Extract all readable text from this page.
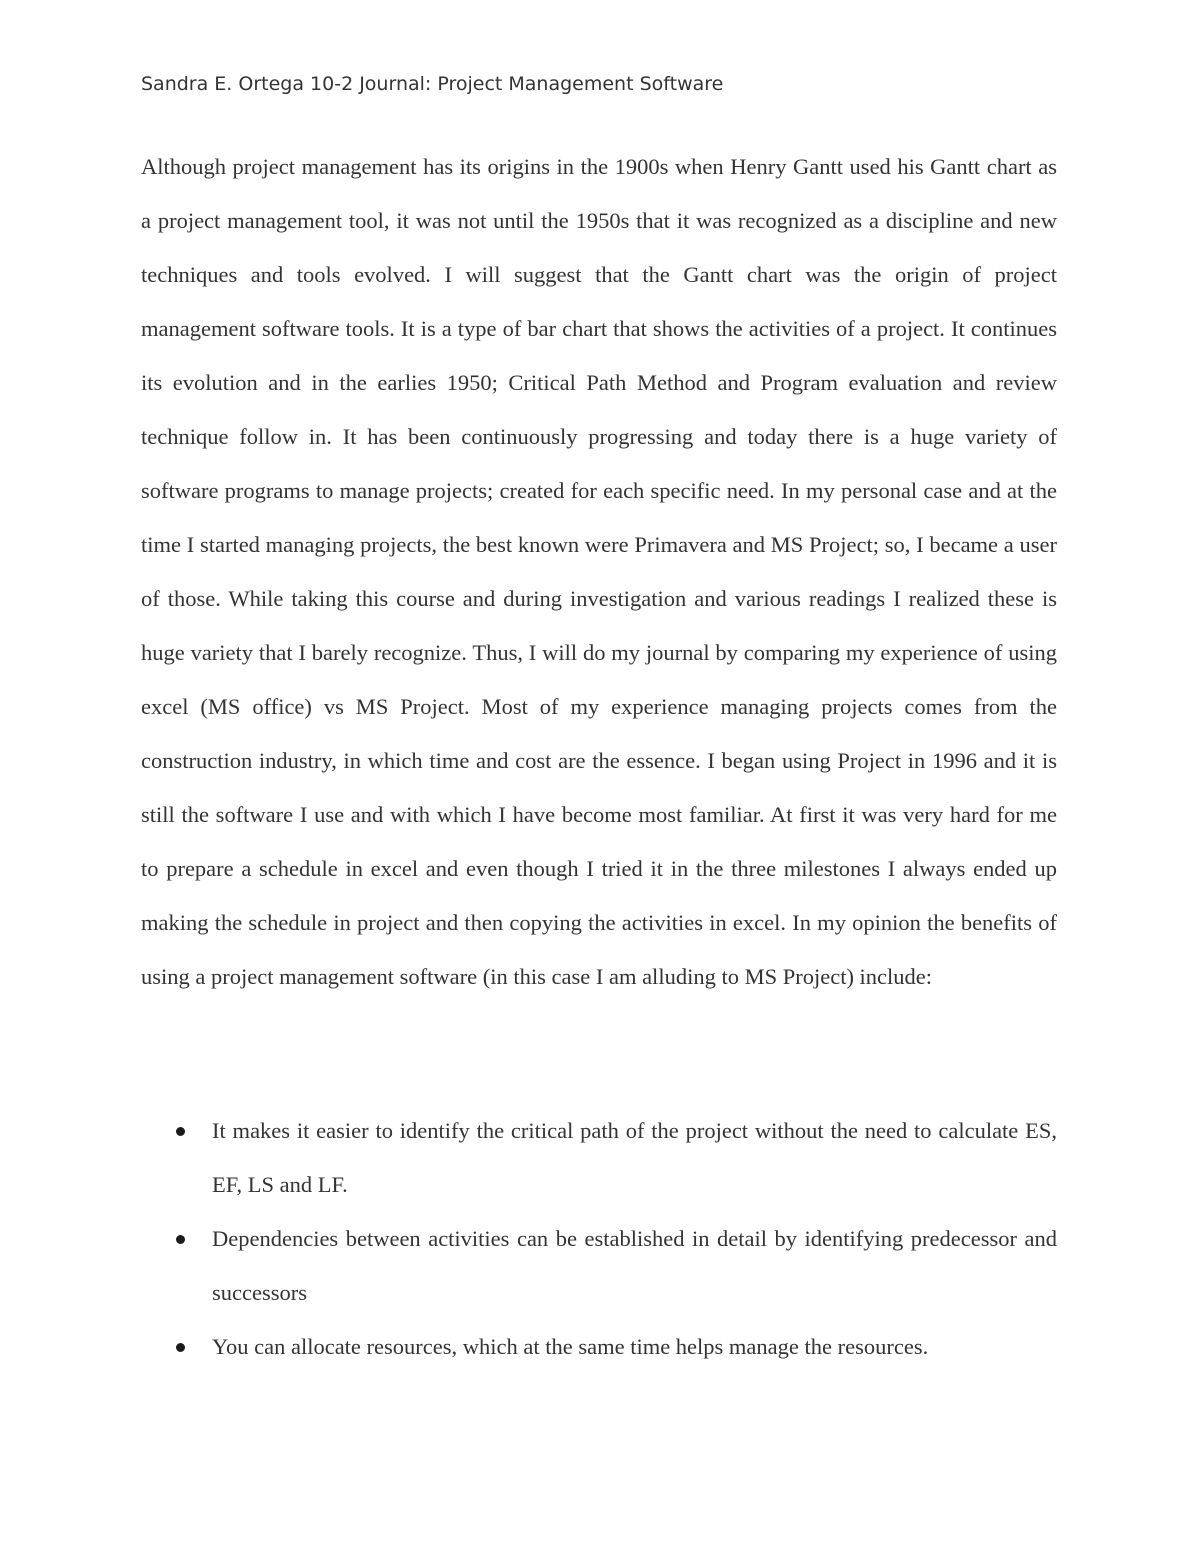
Sandra E. Ortega 10-2 Journal: Project Management Software

Although project management has its origins in the 1900s when Henry Gantt used his Gantt chart as a project management tool, it was not until the 1950s that it was recognized as a discipline and new techniques and tools evolved. I will suggest that the Gantt chart was the origin of project management software tools. It is a type of bar chart that shows the activities of a project. It continues its evolution and in the earlies 1950; Critical Path Method and Program evaluation and review technique follow in. It has been continuously progressing and today there is a huge variety of software programs to manage projects; created for each specific need. In my personal case and at the time I started managing projects, the best known were Primavera and MS Project; so, I became a user of those. While taking this course and during investigation and various readings I realized these is huge variety that I barely recognize. Thus, I will do my journal by comparing my experience of using excel (MS office) vs MS Project. Most of my experience managing projects comes from the construction industry, in which time and cost are the essence. I began using Project in 1996 and it is still the software I use and with which I have become most familiar. At first it was very hard for me to prepare a schedule in excel and even though I tried it in the three milestones I always ended up making the schedule in project and then copying the activities in excel. In my opinion the benefits of using a project management software (in this case I am alluding to MS Project) include:

It makes it easier to identify the critical path of the project without the need to calculate ES, EF, LS and LF.
Dependencies between activities can be established in detail by identifying predecessor and successors
You can allocate resources, which at the same time helps manage the resources.
